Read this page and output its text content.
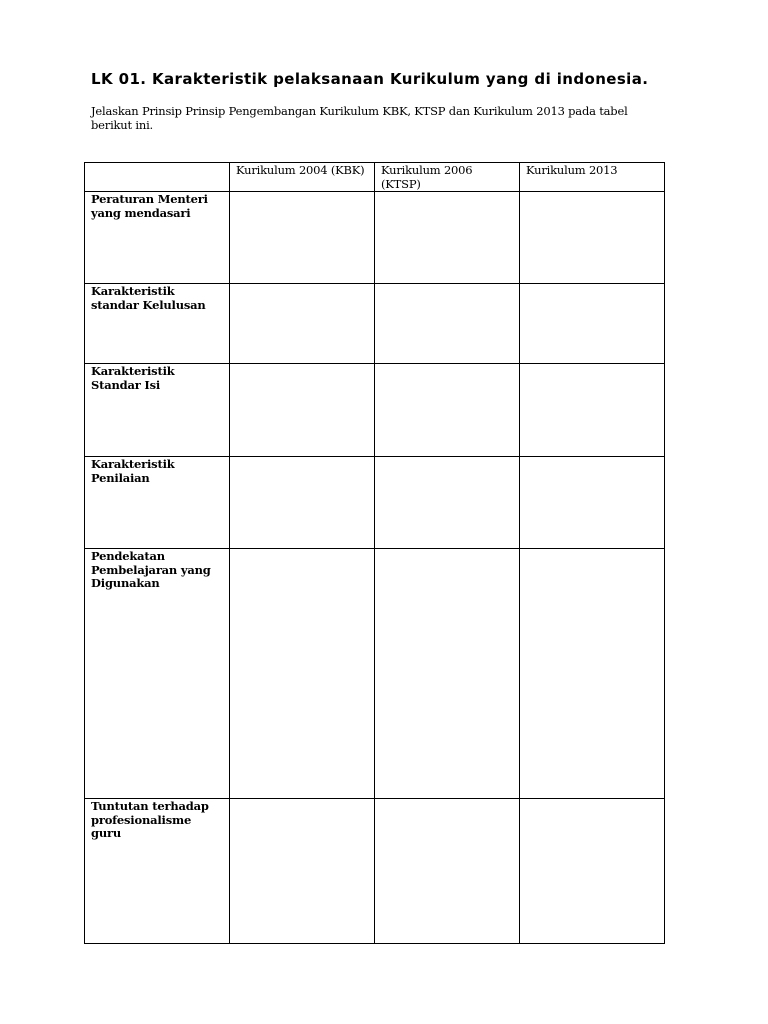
LK 01. Karakteristik pelaksanaan Kurikulum yang di indonesia.

Jelaskan Prinsip Prinsip Pengembangan Kurikulum KBK, KTSP dan Kurikulum 2013 pada tabel berikut ini.

	Kurikulum 2004 (KBK)	Kurikulum 2006 (KTSP)	Kurikulum 2013

Peraturan Menteri yang mendasari			

Karakteristik standar Kelulusan			

Karakteristik Standar Isi			

Karakteristik Penilaian			

Pendekatan Pembelajaran yang Digunakan			

Tuntutan terhadap profesionalisme guru			
